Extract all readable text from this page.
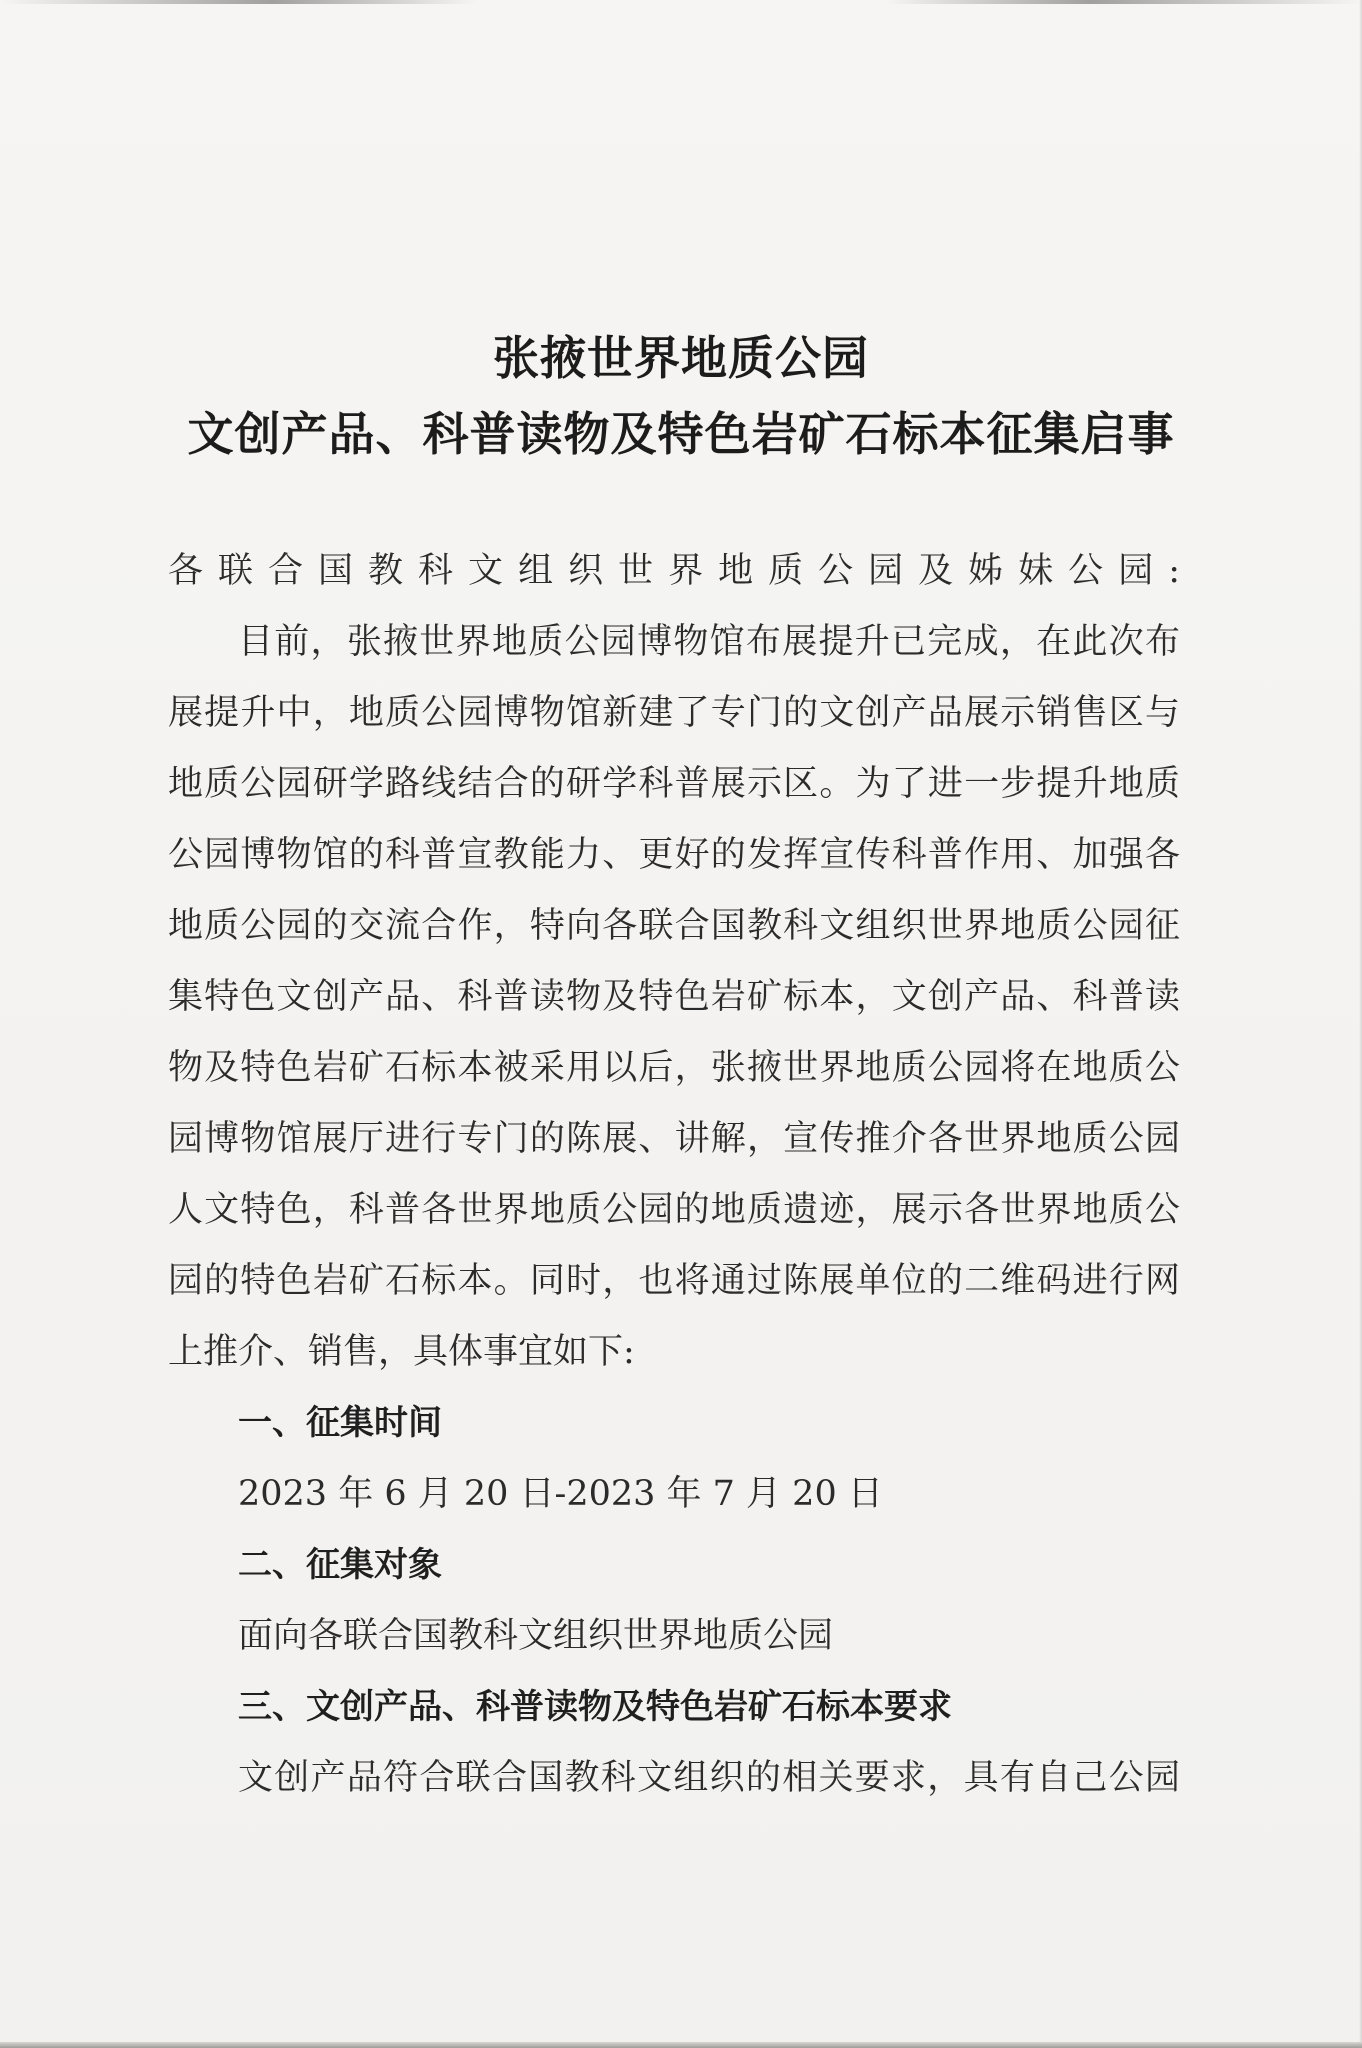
张掖世界地质公园
文创产品、科普读物及特色岩矿石标本征集启事
各联合国教科文组织世界地质公园及姊妹公园:
目前，张掖世界地质公园博物馆布展提升已完成，在此次布
展提升中，地质公园博物馆新建了专门的文创产品展示销售区与
地质公园研学路线结合的研学科普展示区。为了进一步提升地质
公园博物馆的科普宣教能力、更好的发挥宣传科普作用、加强各
地质公园的交流合作，特向各联合国教科文组织世界地质公园征
集特色文创产品、科普读物及特色岩矿标本，文创产品、科普读
物及特色岩矿石标本被采用以后，张掖世界地质公园将在地质公
园博物馆展厅进行专门的陈展、讲解，宣传推介各世界地质公园
人文特色，科普各世界地质公园的地质遗迹，展示各世界地质公
园的特色岩矿石标本。同时，也将通过陈展单位的二维码进行网
上推介、销售，具体事宜如下:
一、征集时间
2023 年 6 月 20 日-2023 年 7 月 20 日
二、征集对象
面向各联合国教科文组织世界地质公园
三、文创产品、科普读物及特色岩矿石标本要求
文创产品符合联合国教科文组织的相关要求，具有自己公园
